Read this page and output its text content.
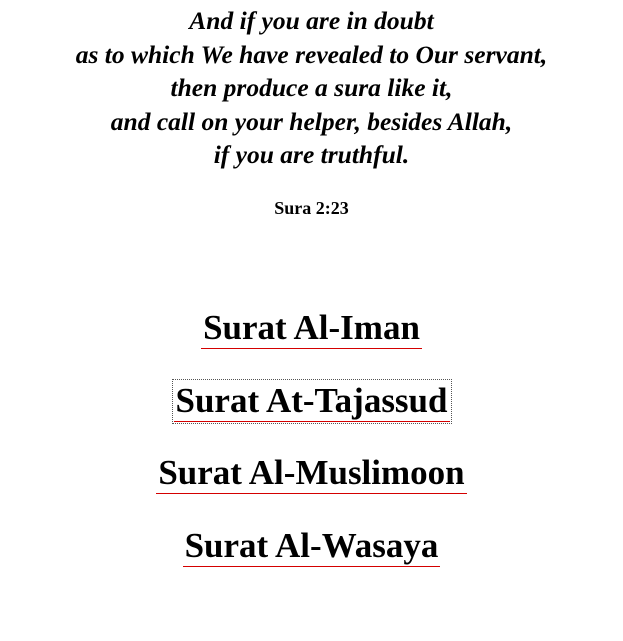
And if you are in doubt
as to which We have revealed to Our servant,
then produce a sura like it,
and call on your helper, besides Allah,
if you are truthful.
Sura 2:23
Surat Al-Iman
Surat At-Tajassud
Surat Al-Muslimoon
Surat Al-Wasaya
